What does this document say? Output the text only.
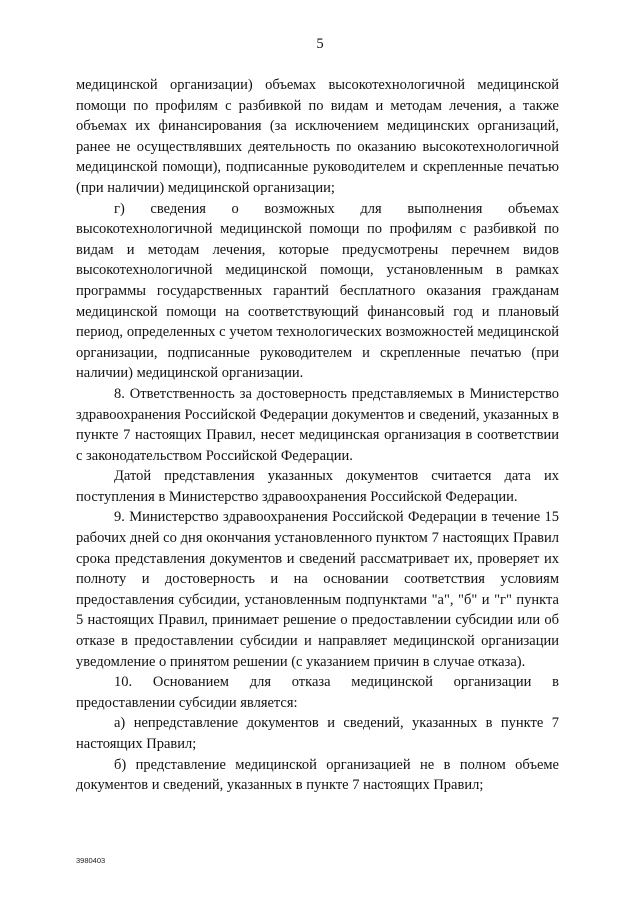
5

медицинской организации) объемах высокотехнологичной медицинской помощи по профилям с разбивкой по видам и методам лечения, а также объемах их финансирования (за исключением медицинских организаций, ранее не осуществлявших деятельность по оказанию высокотехнологичной медицинской помощи), подписанные руководителем и скрепленные печатью (при наличии) медицинской организации;

г) сведения о возможных для выполнения объемах высокотехнологичной медицинской помощи по профилям с разбивкой по видам и методам лечения, которые предусмотрены перечнем видов высокотехнологичной медицинской помощи, установленным в рамках программы государственных гарантий бесплатного оказания гражданам медицинской помощи на соответствующий финансовый год и плановый период, определенных с учетом технологических возможностей медицинской организации, подписанные руководителем и скрепленные печатью (при наличии) медицинской организации.

8. Ответственность за достоверность представляемых в Министерство здравоохранения Российской Федерации документов и сведений, указанных в пункте 7 настоящих Правил, несет медицинская организация в соответствии с законодательством Российской Федерации.

Датой представления указанных документов считается дата их поступления в Министерство здравоохранения Российской Федерации.

9. Министерство здравоохранения Российской Федерации в течение 15 рабочих дней со дня окончания установленного пунктом 7 настоящих Правил срока представления документов и сведений рассматривает их, проверяет их полноту и достоверность и на основании соответствия условиям предоставления субсидии, установленным подпунктами "а", "б" и "г" пункта 5 настоящих Правил, принимает решение о предоставлении субсидии или об отказе в предоставлении субсидии и направляет медицинской организации уведомление о принятом решении (с указанием причин в случае отказа).

10. Основанием для отказа медицинской организации в предоставлении субсидии является:

а) непредставление документов и сведений, указанных в пункте 7 настоящих Правил;

б) представление медицинской организацией не в полном объеме документов и сведений, указанных в пункте 7 настоящих Правил;

3980403
